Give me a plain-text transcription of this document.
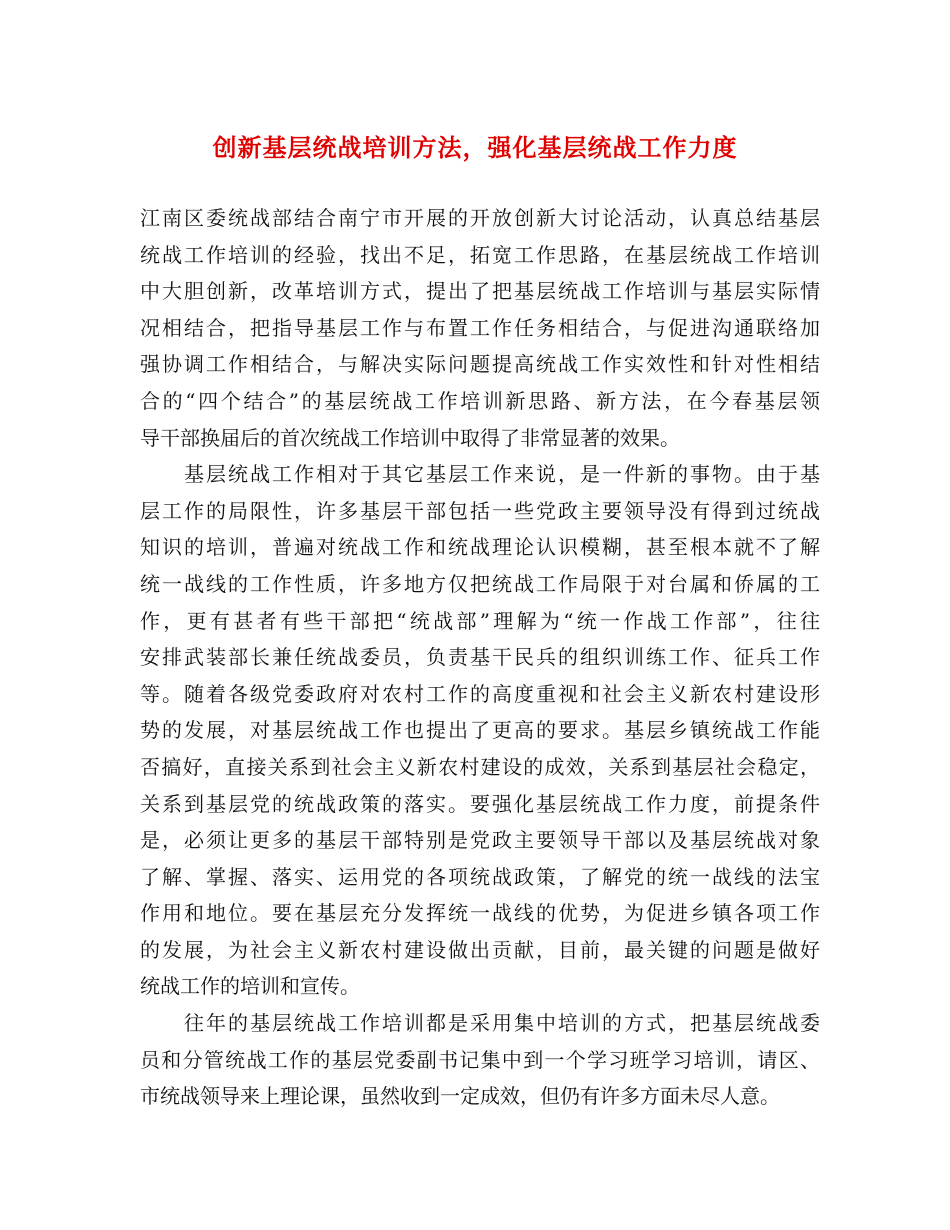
创新基层统战培训方法，强化基层统战工作力度
江南区委统战部结合南宁市开展的开放创新大讨论活动，认真总结基层
统战工作培训的经验，找出不足，拓宽工作思路，在基层统战工作培训
中大胆创新，改革培训方式，提出了把基层统战工作培训与基层实际情
况相结合，把指导基层工作与布置工作任务相结合，与促进沟通联络加
强协调工作相结合，与解决实际问题提高统战工作实效性和针对性相结
合的“四个结合”的基层统战工作培训新思路、新方法，在今春基层领
导干部换届后的首次统战工作培训中取得了非常显著的效果。
基层统战工作相对于其它基层工作来说，是一件新的事物。由于基
层工作的局限性，许多基层干部包括一些党政主要领导没有得到过统战
知识的培训，普遍对统战工作和统战理论认识模糊，甚至根本就不了解
统一战线的工作性质，许多地方仅把统战工作局限于对台属和侨属的工
作，更有甚者有些干部把“统战部”理解为“统一作战工作部”，往往
安排武装部长兼任统战委员，负责基干民兵的组织训练工作、征兵工作
等。随着各级党委政府对农村工作的高度重视和社会主义新农村建设形
势的发展，对基层统战工作也提出了更高的要求。基层乡镇统战工作能
否搞好，直接关系到社会主义新农村建设的成效，关系到基层社会稳定，
关系到基层党的统战政策的落实。要强化基层统战工作力度，前提条件
是，必须让更多的基层干部特别是党政主要领导干部以及基层统战对象
了解、掌握、落实、运用党的各项统战政策，了解党的统一战线的法宝
作用和地位。要在基层充分发挥统一战线的优势，为促进乡镇各项工作
的发展，为社会主义新农村建设做出贡献，目前，最关键的问题是做好
统战工作的培训和宣传。
往年的基层统战工作培训都是采用集中培训的方式，把基层统战委
员和分管统战工作的基层党委副书记集中到一个学习班学习培训，请区、
市统战领导来上理论课，虽然收到一定成效，但仍有许多方面未尽人意。
